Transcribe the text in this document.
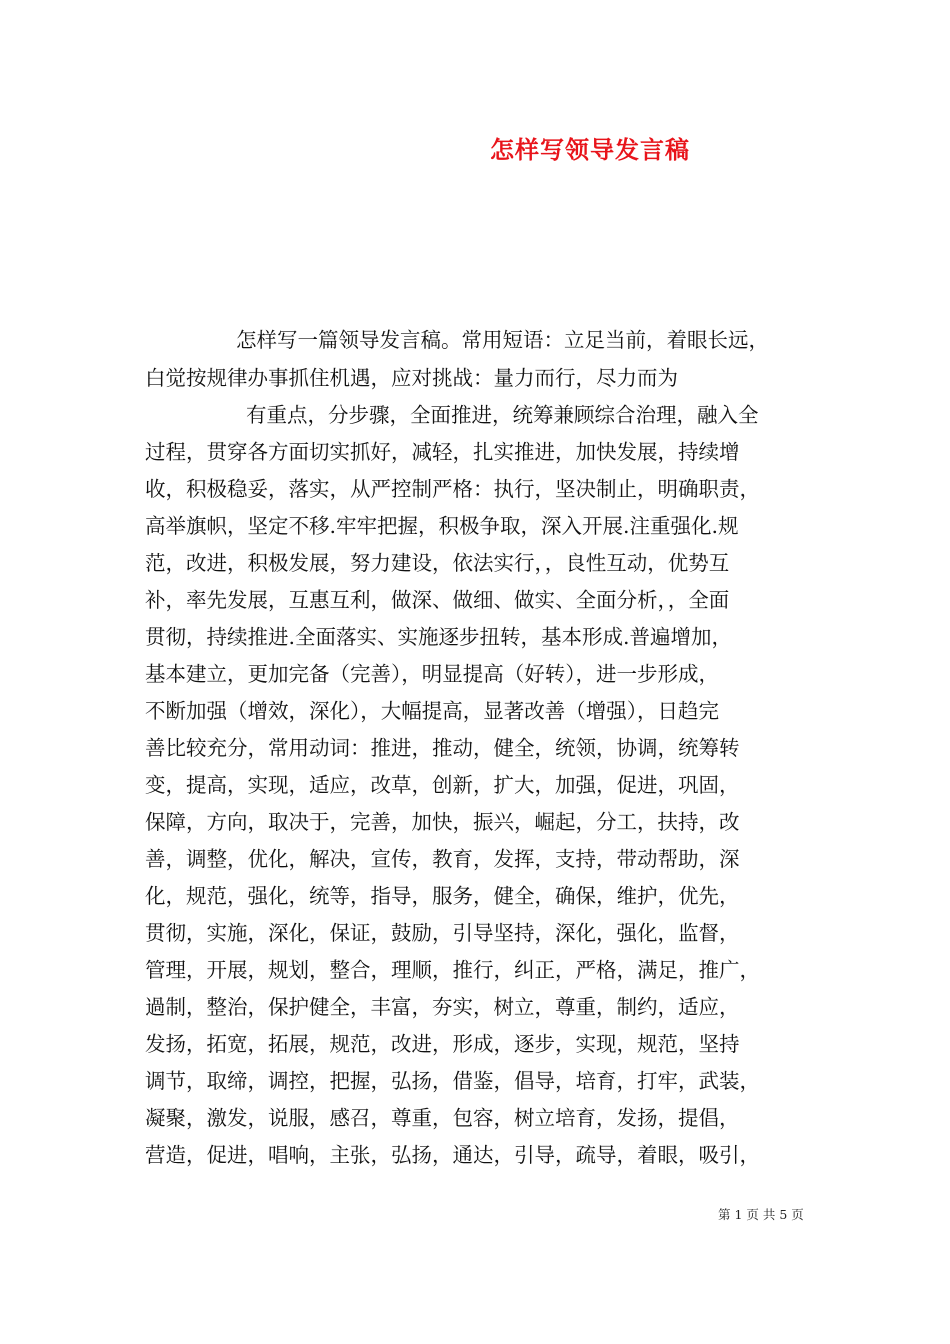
怎样写领导发言稿
怎样写一篇领导发言稿。常用短语：立足当前，着眼长远，
白觉按规律办事抓住机遇，应对挑战：量力而行，尽力而为
有重点，分步骤，全面推进，统筹兼顾综合治理，融入全
过程，贯穿各方面切实抓好，减轻，扎实推进，加快发展，持续增
收，积极稳妥，落实，从严控制严格：执行，坚决制止，明确职责，
高举旗帜，坚定不移.牢牢把握，积极争取，深入开展.注重强化.规
范，改进，积极发展，努力建设，依法实行，，良性互动，优势互
补，率先发展，互惠互利，做深、做细、做实、全面分析，，全面
贯彻，持续推进.全面落实、实施逐步扭转，基本形成.普遍增加，
基本建立，更加完备（完善），明显提高（好转），进一步形成，
不断加强（增效，深化），大幅提高，显著改善（增强），日趋完
善比较充分，常用动词：推进，推动，健全，统领，协调，统筹转
变，提高，实现，适应，改草，创新，扩大，加强，促进，巩固，
保障，方向，取决于，完善，加快，振兴，崛起，分工，扶持，改
善，调整，优化，解决，宣传，教育，发挥，支持，带动帮助，深
化，规范，强化，统等，指导，服务，健全，确保，维护，优先，
贯彻，实施，深化，保证，鼓励，引导坚持，深化，强化，监督，
管理，开展，规划，整合，理顺，推行，纠正，严格，满足，推广，
過制，整治，保护健全，丰富，夯实，树立，尊重，制约，适应，
发扬，拓宽，拓展，规范，改进，形成，逐步，实现，规范，坚持
调节，取缔，调控，把握，弘扬，借鉴，倡导，培育，打牢，武装，
凝聚，激发，说服，感召，尊重，包容，树立培育，发扬，提倡，
营造，促进，唱响，主张，弘扬，通达，引导，疏导，着眼，吸引，
第 1 页 共 5 页
